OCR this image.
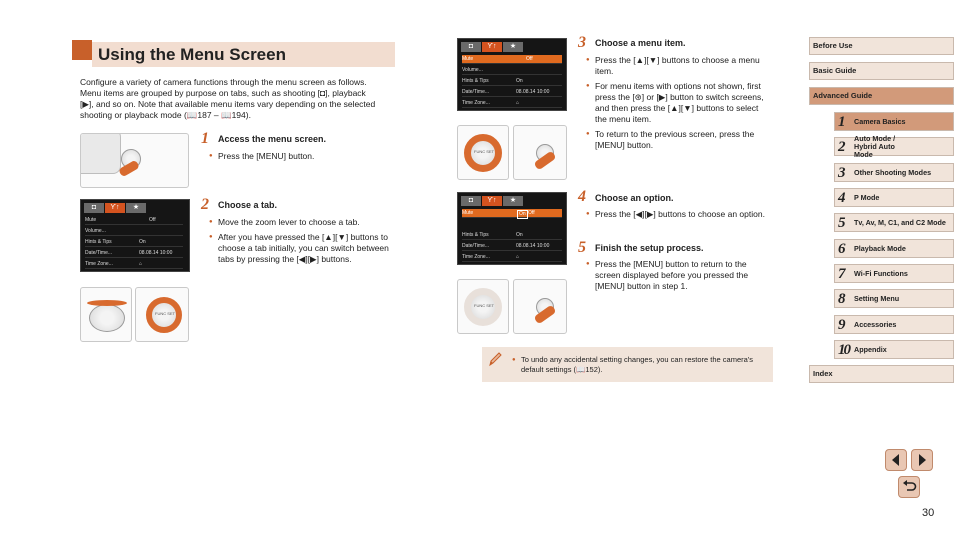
Using the Menu Screen
Configure a variety of camera functions through the menu screen as follows. Menu items are grouped by purpose on tabs, such as shooting [◘], playback [▶], and so on. Note that available menu items vary depending on the selected shooting or playback mode (📖187 – 📖194).
1 Access the menu screen.
● Press the [MENU] button.
◘	Ƴ↑	★
Mute	Off
Volume...
Hints & Tips	On
Date/Time...	08.08.14 10:00
Time Zone...	⌂
FUNC SET
2 Choose a tab.
● Move the zoom lever to choose a tab.
● After you have pressed the [▲][▼] buttons to choose a tab initially, you can switch between tabs by pressing the [◀][▶] buttons.
◘	Ƴ↑	★
Mute	Off
Volume...
Hints & Tips	On
Date/Time...	08.08.14 10:00
Time Zone...	⌂
FUNC SET
3 Choose a menu item.
● Press the [▲][▼] buttons to choose a menu item.
● For menu items with options not shown, first press the [⊛] or [▶] button to switch screens, and then press the [▲][▼] buttons to select the menu item.
● To return to the previous screen, press the [MENU] button.
◘	Ƴ↑	★
Mute	On Off
Hints & Tips	On
Date/Time...	08.08.14 10:00
Time Zone...	⌂
FUNC SET
4 Choose an option.
● Press the [◀][▶] buttons to choose an option.
5 Finish the setup process.
● Press the [MENU] button to return to the screen displayed before you pressed the [MENU] button in step 1.
● To undo any accidental setting changes, you can restore the camera's default settings (📖152).
Before Use
Basic Guide
Advanced Guide
1 Camera Basics
2
Auto Mode / Hybrid Auto Mode
3 Other Shooting Modes
4 P Mode
5 Tv, Av, M, C1, and C2 Mode
6 Playback Mode
7 Wi-Fi Functions
8 Setting Menu
9 Accessories
10 Appendix
Index
30
